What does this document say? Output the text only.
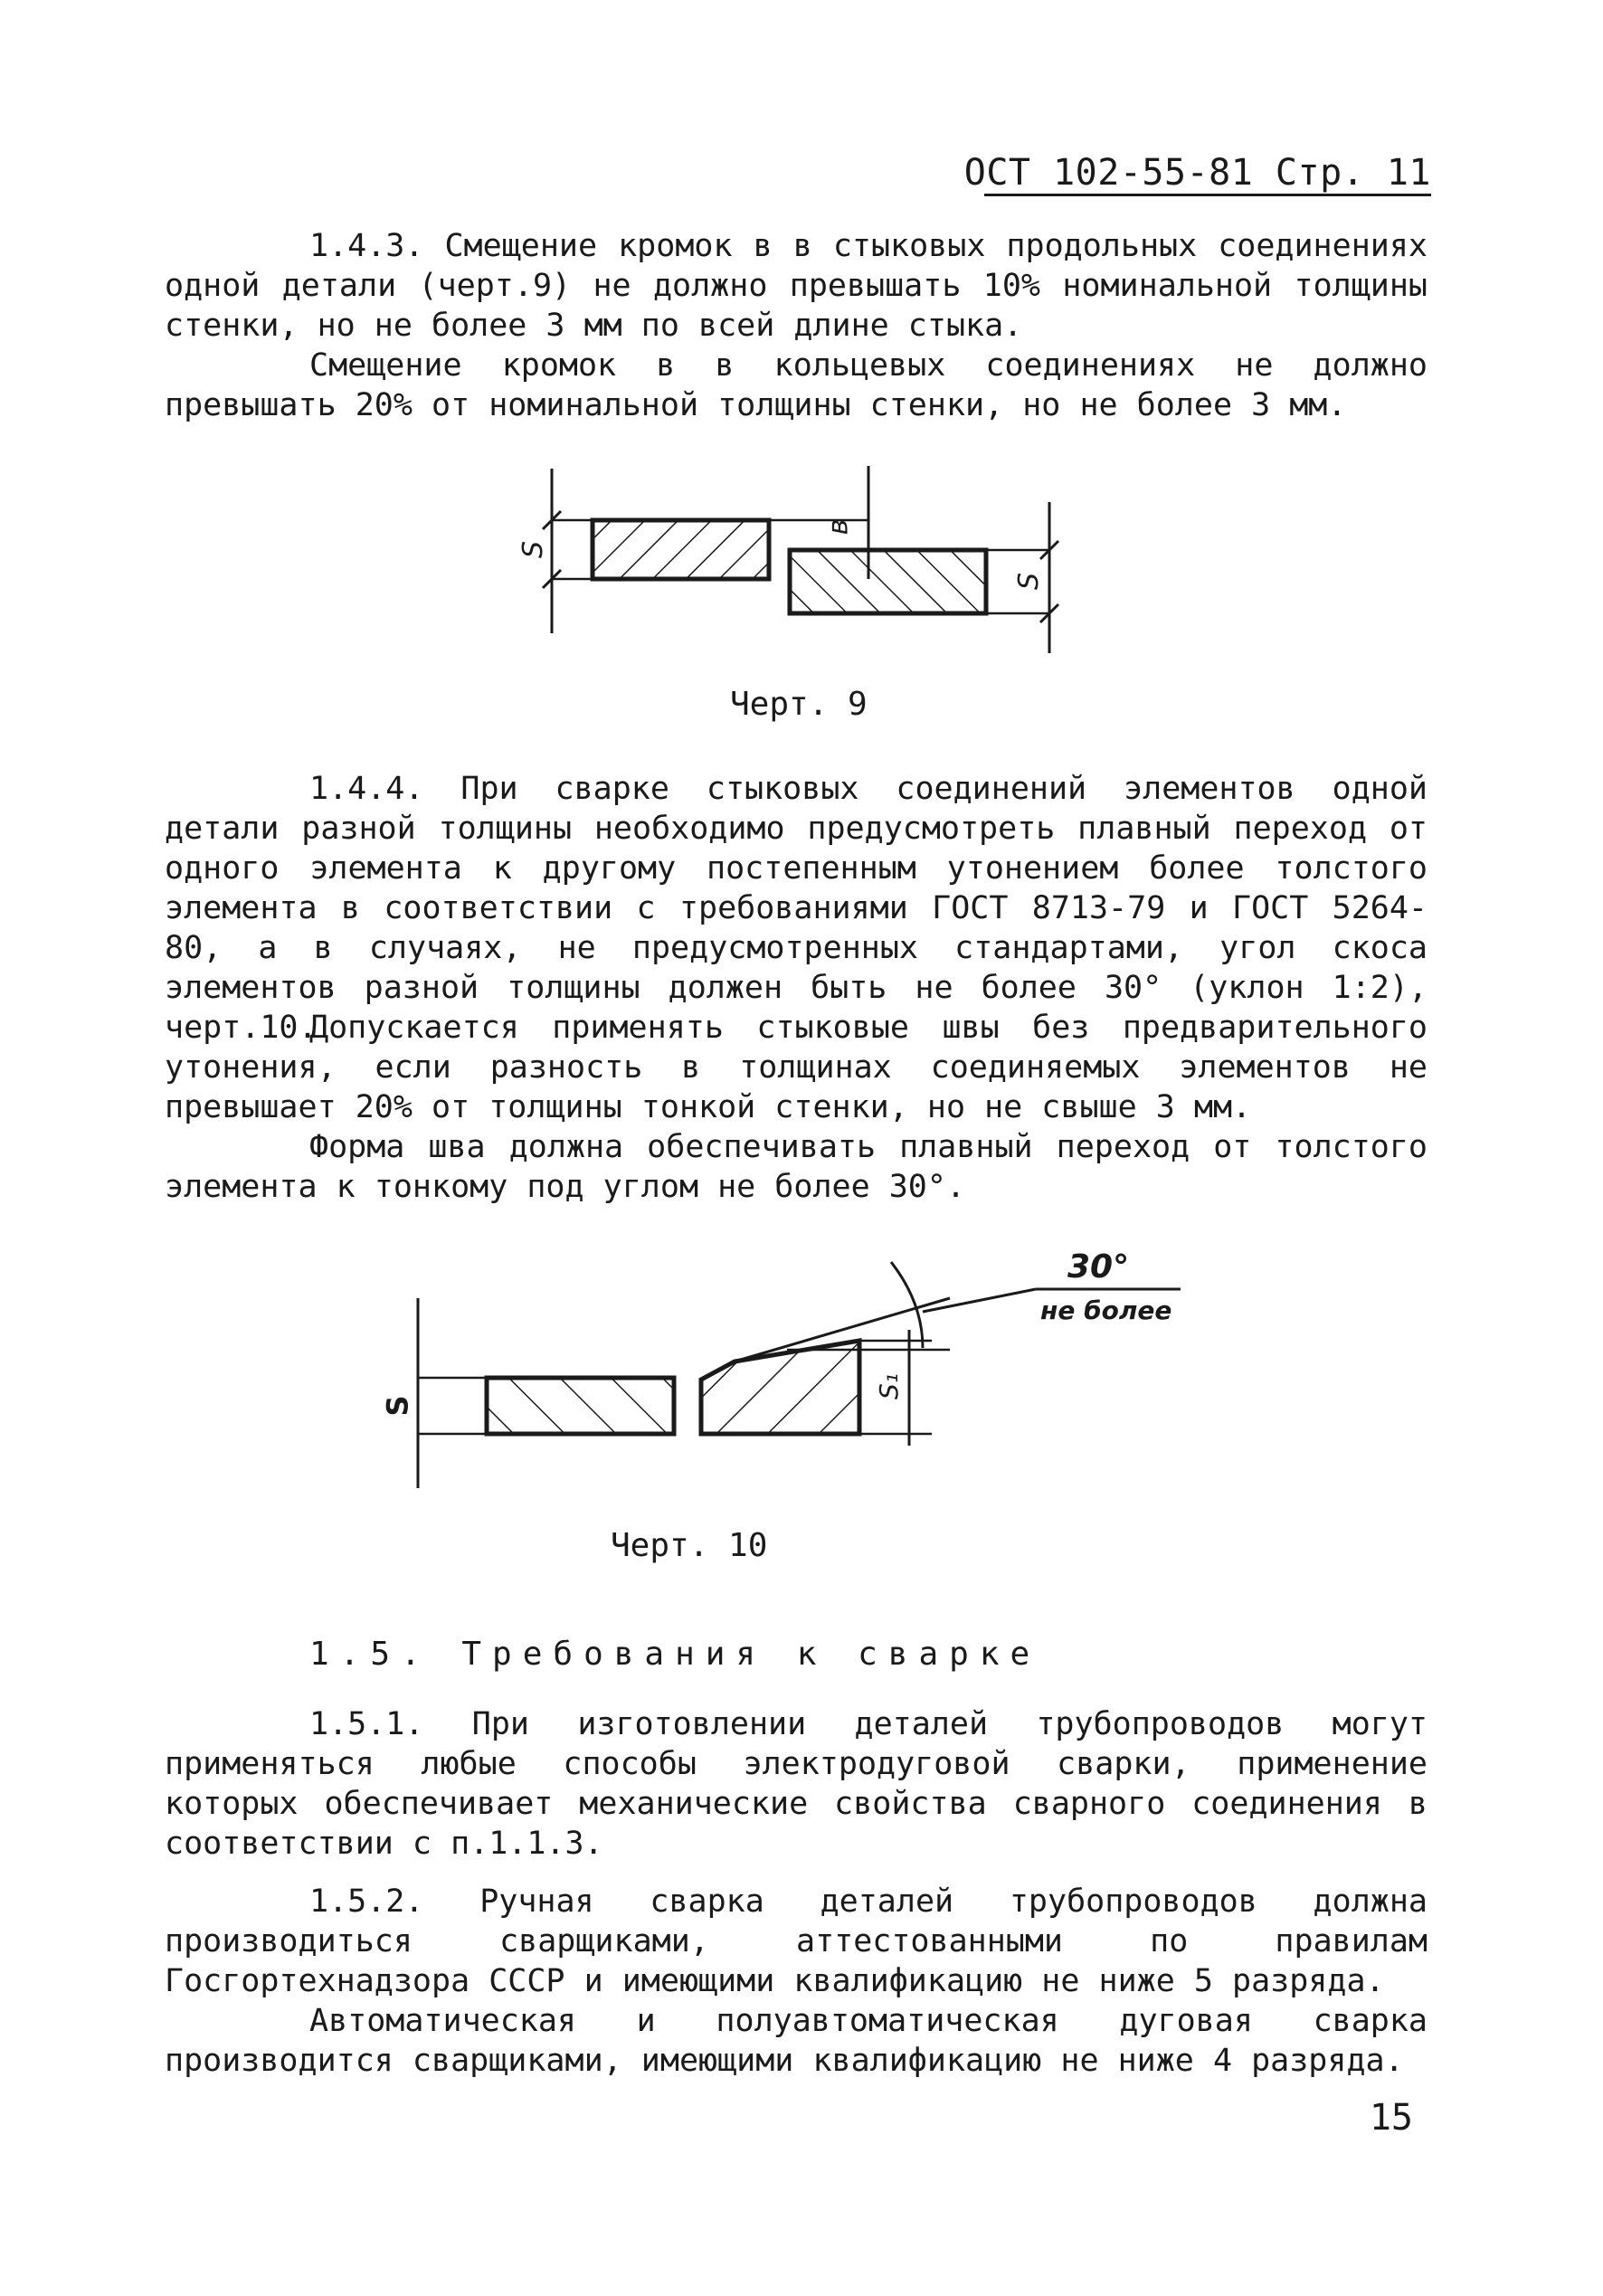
ОСТ 102-55-81 Стр. 11

1.4.3. Смещение кромок в в стыковых продольных соединениях одной детали (черт.9) не должно превышать 10% номинальной толщины стенки, но не более 3 мм по всей длине стыка.

Смещение кромок в в кольцевых соединениях не должно превышать 20% от номинальной толщины стенки, но не более 3 мм.

S
S
в
Черт. 9

1.4.4. При сварке стыковых соединений элементов одной детали разной толщины необходимо предусмотреть плавный переход от одного элемента к другому постепенным утонением более толстого элемента в соответствии с требованиями ГОСТ 8713-79 и ГОСТ 5264-80, а в случаях, не предусмотренных стандартами, угол скоса элементов разной толщины должен быть не более 30° (уклон 1:2), черт.10.

Допускается применять стыковые швы без предварительного утонения, если разность в толщинах соединяемых элементов не превышает 20% от толщины тонкой стенки, но не свыше 3 мм.

Форма шва должна обеспечивать плавный переход от толстого элемента к тонкому под углом не более 30°.

S
S₁
30°
не более
Черт. 10
1.5. Требования к сварке

1.5.1. При изготовлении деталей трубопроводов могут применяться любые способы электродуговой сварки, применение которых обеспечивает механические свойства сварного соединения в соответствии с п.1.1.3.

1.5.2. Ручная сварка деталей трубопроводов должна производиться сварщиками, аттестованными по правилам Госгортехнадзора СССР и имеющими квалификацию не ниже 5 разряда.

Автоматическая и полуавтоматическая дуговая сварка производится сварщиками, имеющими квалификацию не ниже 4 разряда.

15
